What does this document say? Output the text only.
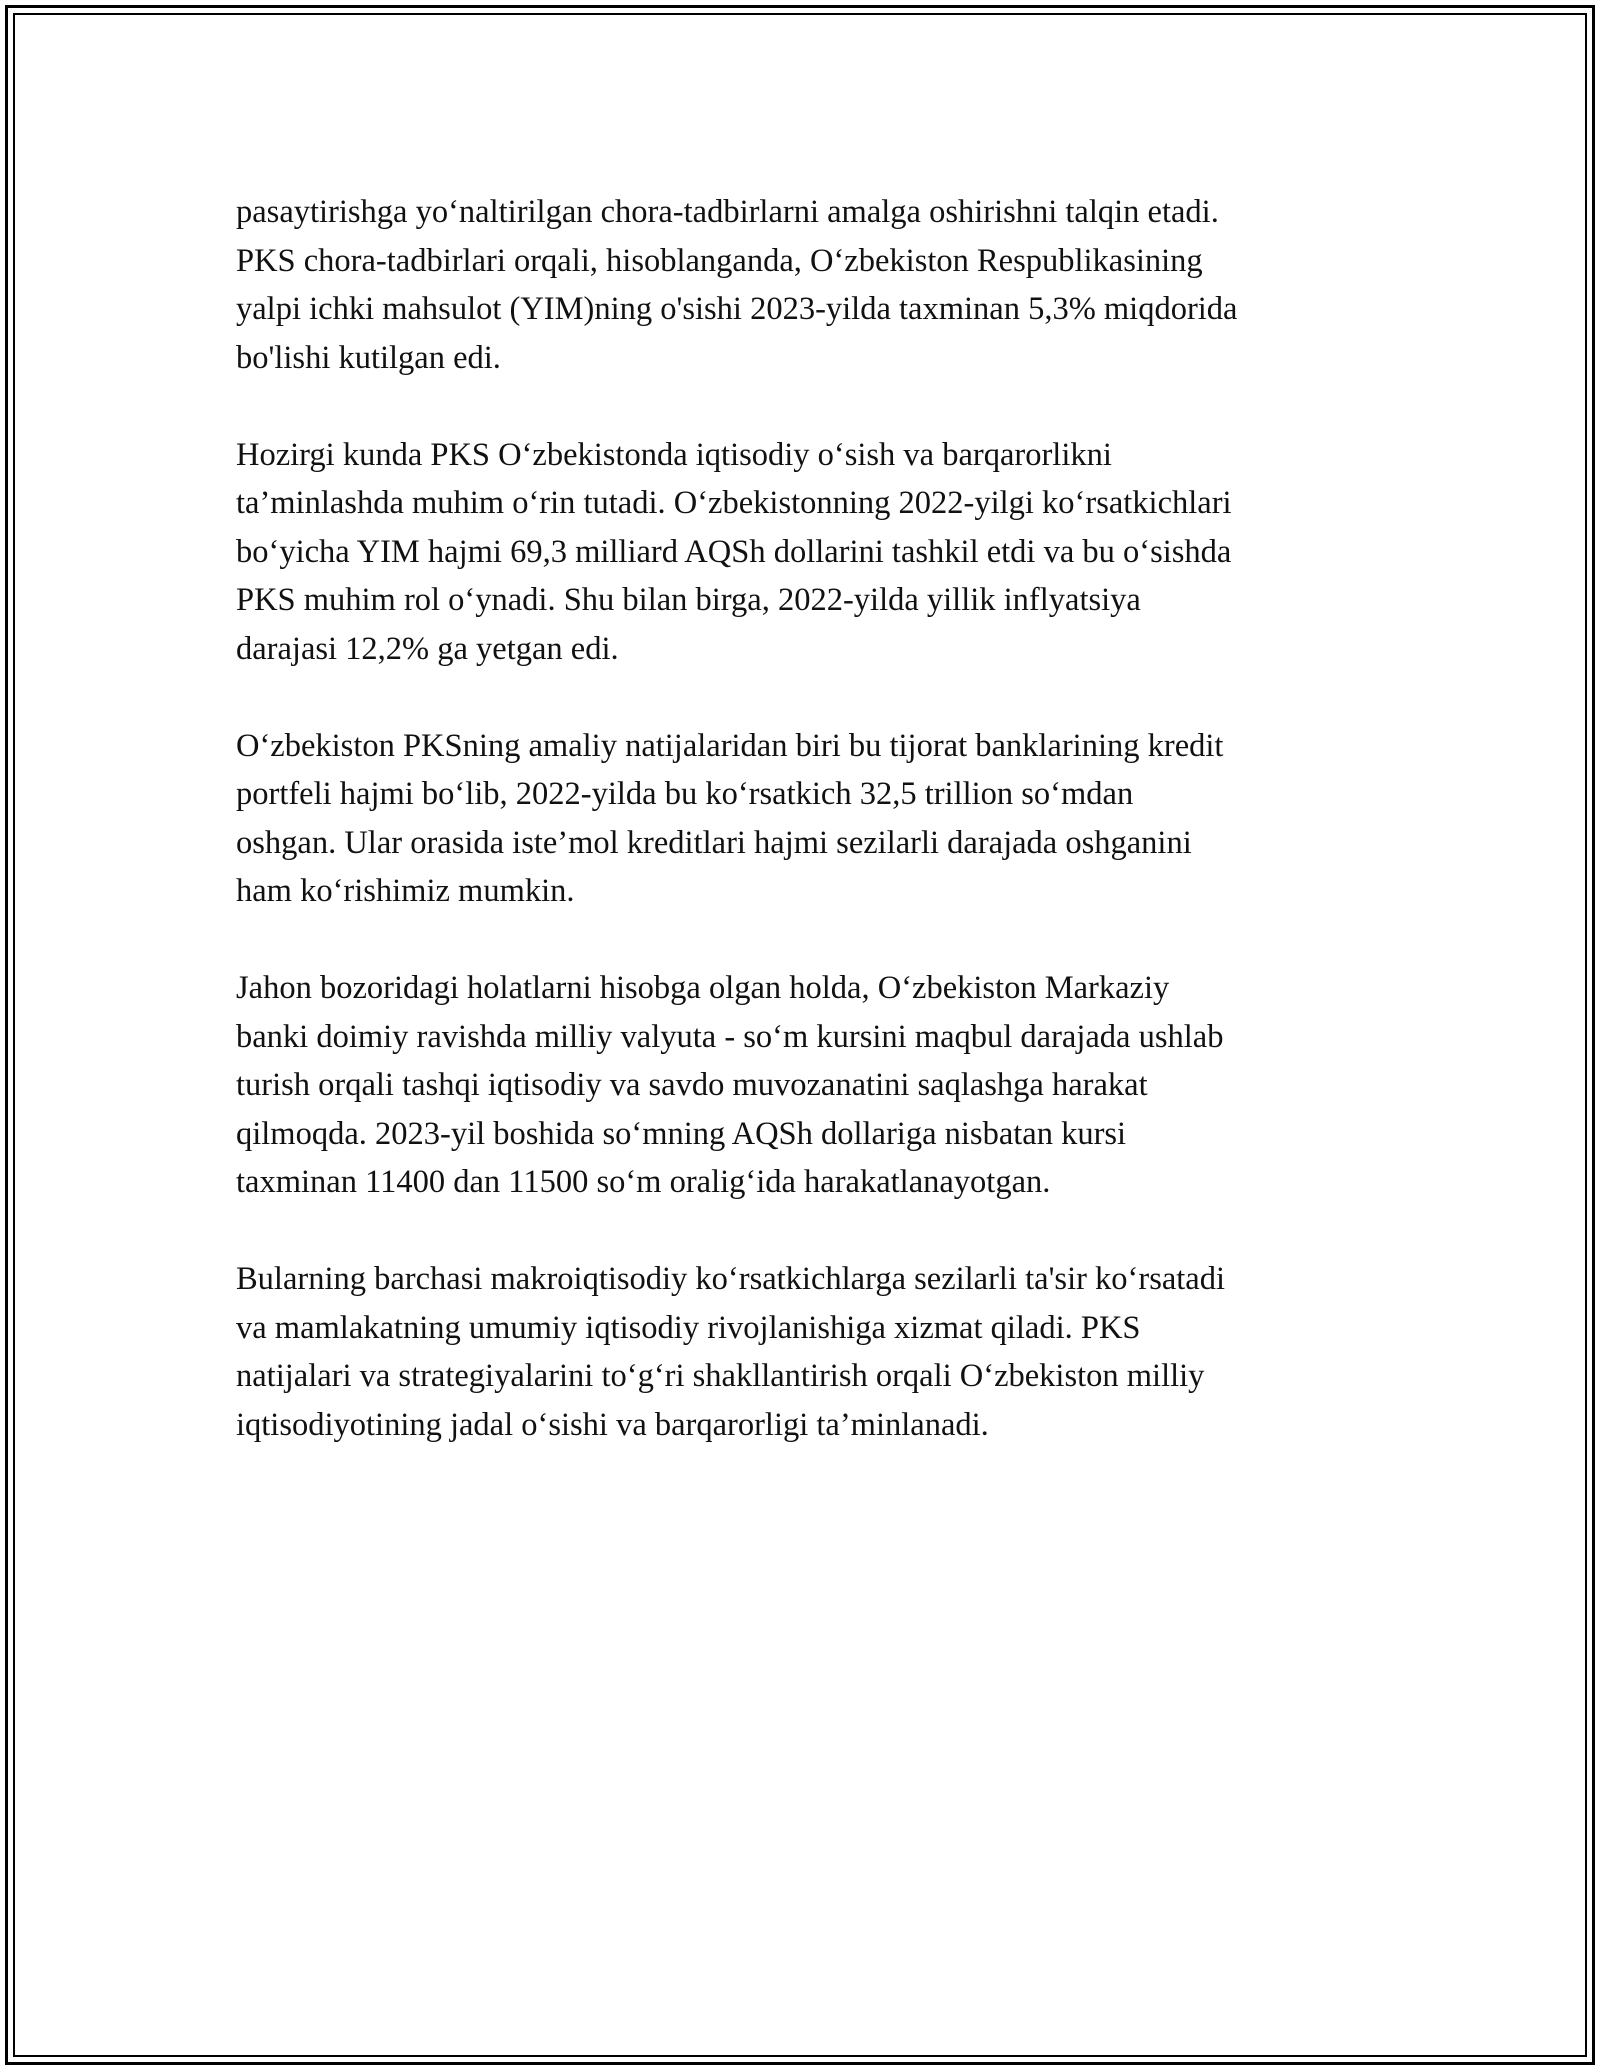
pasaytirishga yo‘naltirilgan chora-tadbirlarni amalga oshirishni talqin etadi.
PKS chora-tadbirlari orqali, hisoblanganda, O‘zbekiston Respublikasining
yalpi ichki mahsulot (YIM)ning o'sishi 2023-yilda taxminan 5,3% miqdorida
bo'lishi kutilgan edi.

Hozirgi kunda PKS O‘zbekistonda iqtisodiy o‘sish va barqarorlikni
ta’minlashda muhim o‘rin tutadi. O‘zbekistonning 2022-yilgi ko‘rsatkichlari
bo‘yicha YIM hajmi 69,3 milliard AQSh dollarini tashkil etdi va bu o‘sishda
PKS muhim rol o‘ynadi. Shu bilan birga, 2022-yilda yillik inflyatsiya
darajasi 12,2% ga yetgan edi.

O‘zbekiston PKSning amaliy natijalaridan biri bu tijorat banklarining kredit
portfeli hajmi bo‘lib, 2022-yilda bu ko‘rsatkich 32,5 trillion so‘mdan
oshgan. Ular orasida iste’mol kreditlari hajmi sezilarli darajada oshganini
ham ko‘rishimiz mumkin.

Jahon bozoridagi holatlarni hisobga olgan holda, O‘zbekiston Markaziy
banki doimiy ravishda milliy valyuta - so‘m kursini maqbul darajada ushlab
turish orqali tashqi iqtisodiy va savdo muvozanatini saqlashga harakat
qilmoqda. 2023-yil boshida so‘mning AQSh dollariga nisbatan kursi
taxminan 11400 dan 11500 so‘m oralig‘ida harakatlanayotgan.

Bularning barchasi makroiqtisodiy ko‘rsatkichlarga sezilarli ta'sir ko‘rsatadi
va mamlakatning umumiy iqtisodiy rivojlanishiga xizmat qiladi. PKS
natijalari va strategiyalarini to‘g‘ri shakllantirish orqali O‘zbekiston milliy
iqtisodiyotining jadal o‘sishi va barqarorligi ta’minlanadi.
